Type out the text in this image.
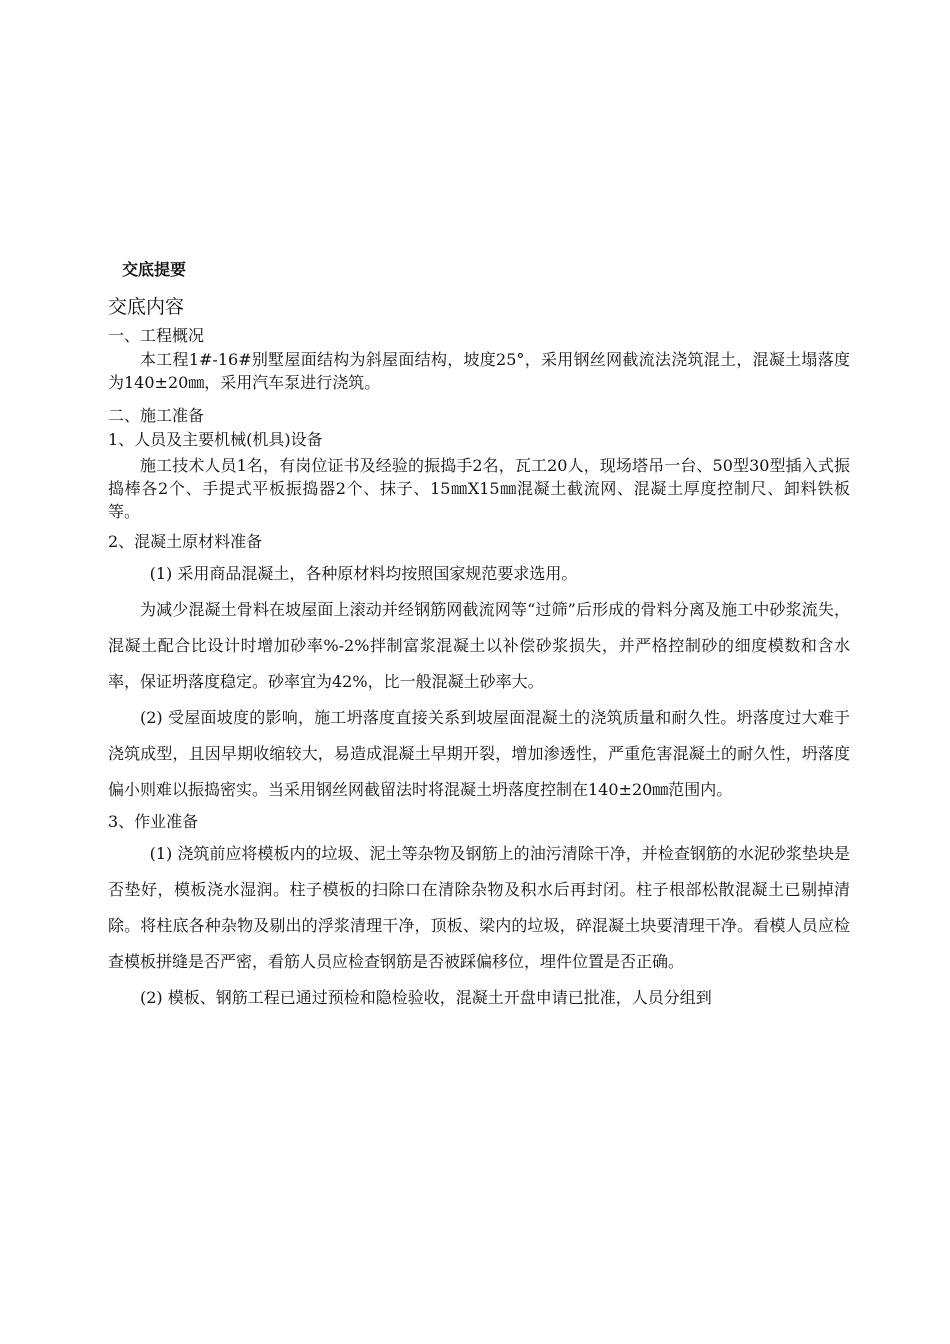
交底提要
交底内容
一、工程概况

本工程1#-16#别墅屋面结构为斜屋面结构，坡度25°，采用钢丝网截流法浇筑混土，混凝土塌落度为140±20㎜，采用汽车泵进行浇筑。

二、施工准备
1、人员及主要机械(机具)设备

施工技术人员1名，有岗位证书及经验的振捣手2名，瓦工20人，现场塔吊一台、50型30型插入式振捣棒各2个、手提式平板振捣器2个、抹子、15㎜X15㎜混凝土截流网、混凝土厚度控制尺、卸料铁板等。

2、混凝土原材料准备

(1) 采用商品混凝土，各种原材料均按照国家规范要求选用。

为减少混凝土骨料在坡屋面上滚动并经钢筋网截流网等“过筛”后形成的骨料分离及施工中砂浆流失，混凝土配合比设计时增加砂率%-2%拌制富浆混凝土以补偿砂浆损失，并严格控制砂的细度模数和含水率，保证坍落度稳定。砂率宜为42%，比一般混凝土砂率大。

(2) 受屋面坡度的影响，施工坍落度直接关系到坡屋面混凝土的浇筑质量和耐久性。坍落度过大难于浇筑成型，且因早期收缩较大，易造成混凝土早期开裂，增加渗透性，严重危害混凝土的耐久性，坍落度偏小则难以振捣密实。当采用钢丝网截留法时将混凝土坍落度控制在140±20㎜范围内。

3、作业准备

(1) 浇筑前应将模板内的垃圾、泥土等杂物及钢筋上的油污清除干净，并检查钢筋的水泥砂浆垫块是否垫好，模板浇水湿润。柱子模板的扫除口在清除杂物及积水后再封闭。柱子根部松散混凝土已剔掉清除。将柱底各种杂物及剔出的浮浆清理干净，顶板、梁内的垃圾，碎混凝土块要清理干净。看模人员应检查模板拼缝是否严密，看筋人员应检查钢筋是否被踩偏移位，埋件位置是否正确。

(2) 模板、钢筋工程已通过预检和隐检验收，混凝土开盘申请已批准，人员分组到
